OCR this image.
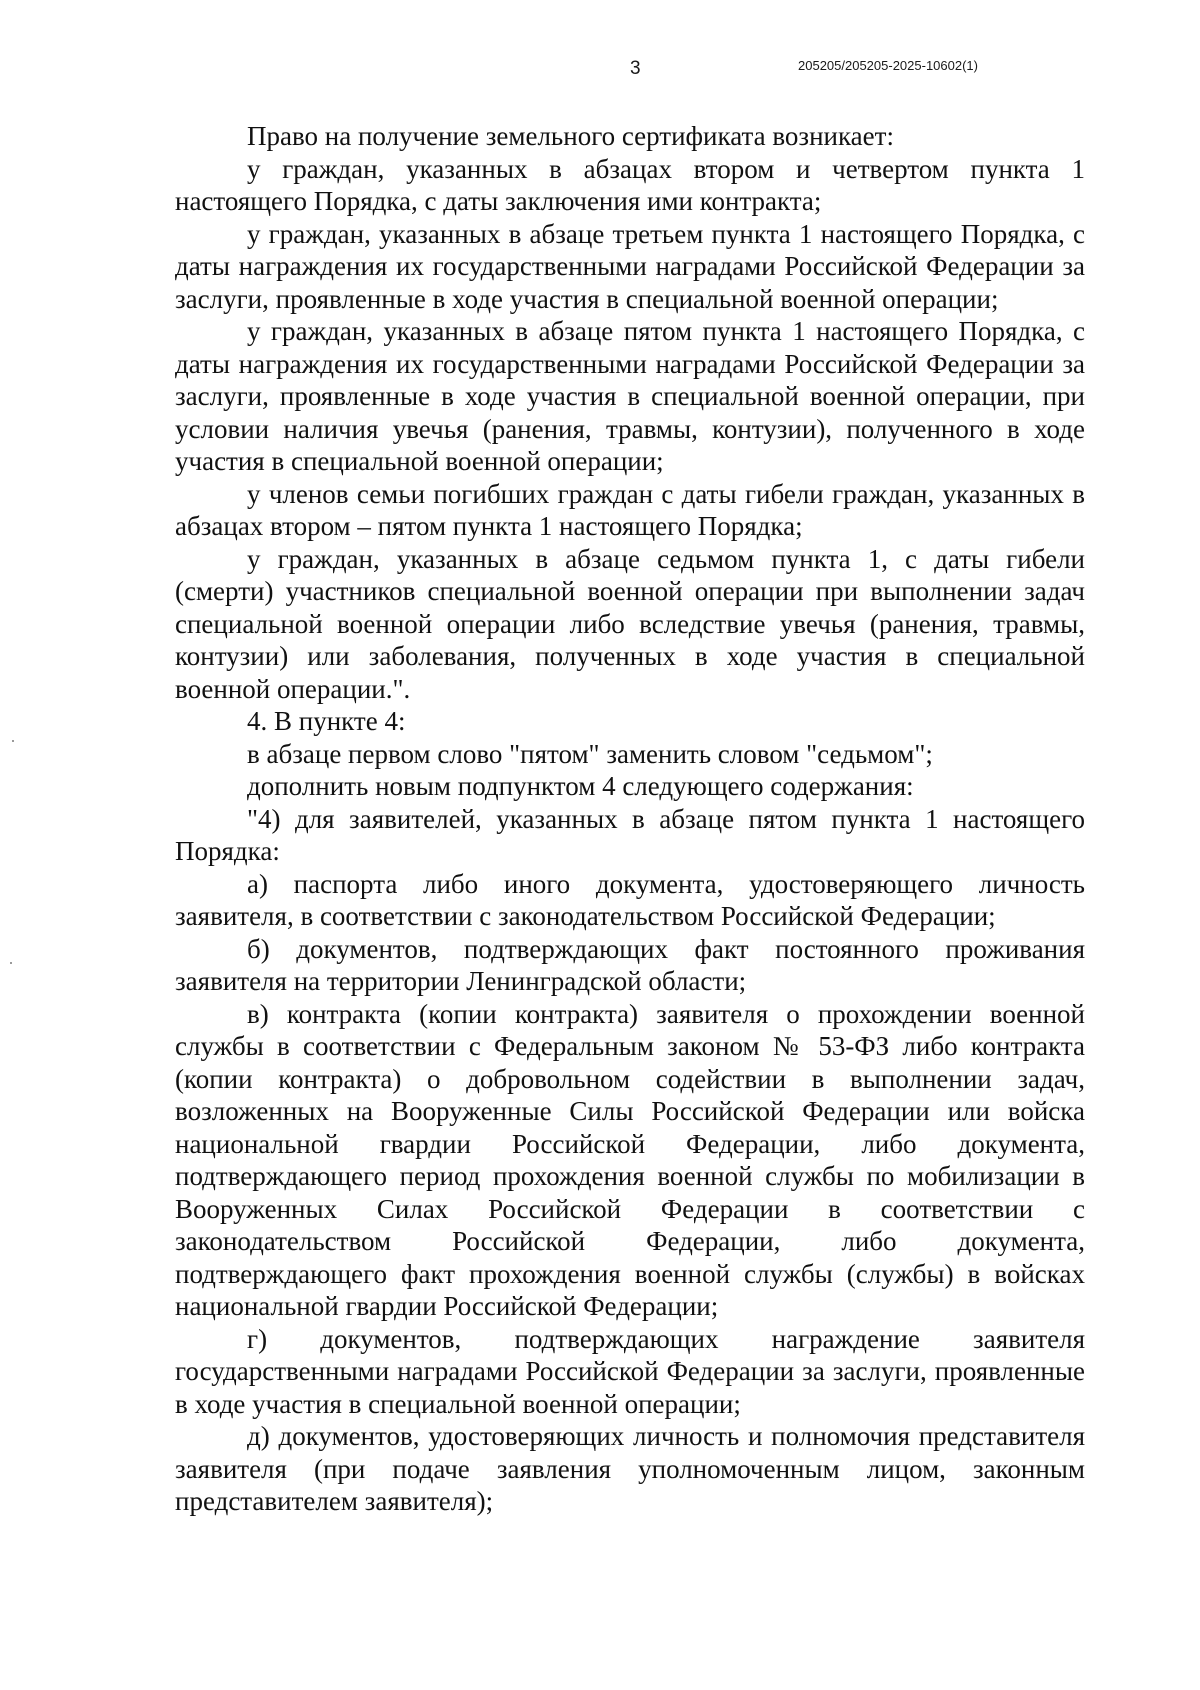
3	205205/205205-2025-10602(1)

Право на получение земельного сертификата возникает:

у граждан, указанных в абзацах втором и четвертом пункта 1 настоящего Порядка, с даты заключения ими контракта;

у граждан, указанных в абзаце третьем пункта 1 настоящего Порядка, с даты награждения их государственными наградами Российской Федерации за заслуги, проявленные в ходе участия в специальной военной операции;

у граждан, указанных в абзаце пятом пункта 1 настоящего Порядка, с даты награждения их государственными наградами Российской Федерации за заслуги, проявленные в ходе участия в специальной военной операции, при условии наличия увечья (ранения, травмы, контузии), полученного в ходе участия в специальной военной операции;

у членов семьи погибших граждан с даты гибели граждан, указанных в абзацах втором – пятом пункта 1 настоящего Порядка;

у граждан, указанных в абзаце седьмом пункта 1, с даты гибели (смерти) участников специальной военной операции при выполнении задач специальной военной операции либо вследствие увечья (ранения, травмы, контузии) или заболевания, полученных в ходе участия в специальной военной операции.".

4. В пункте 4:

в абзаце первом слово "пятом" заменить словом "седьмом";

дополнить новым подпунктом 4 следующего содержания:

"4) для заявителей, указанных в абзаце пятом пункта 1 настоящего Порядка:

а) паспорта либо иного документа, удостоверяющего личность заявителя, в соответствии с законодательством Российской Федерации;

б) документов, подтверждающих факт постоянного проживания заявителя на территории Ленинградской области;

в) контракта (копии контракта) заявителя о прохождении военной службы в соответствии с Федеральным законом № 53-ФЗ либо контракта (копии контракта) о добровольном содействии в выполнении задач, возложенных на Вооруженные Силы Российской Федерации или войска национальной гвардии Российской Федерации, либо документа, подтверждающего период прохождения военной службы по мобилизации в Вооруженных Силах Российской Федерации в соответствии с законодательством Российской Федерации, либо документа, подтверждающего факт прохождения военной службы (службы) в войсках национальной гвардии Российской Федерации;

г) документов, подтверждающих награждение заявителя государственными наградами Российской Федерации за заслуги, проявленные в ходе участия в специальной военной операции;

д) документов, удостоверяющих личность и полномочия представителя заявителя (при подаче заявления уполномоченным лицом, законным представителем заявителя);
